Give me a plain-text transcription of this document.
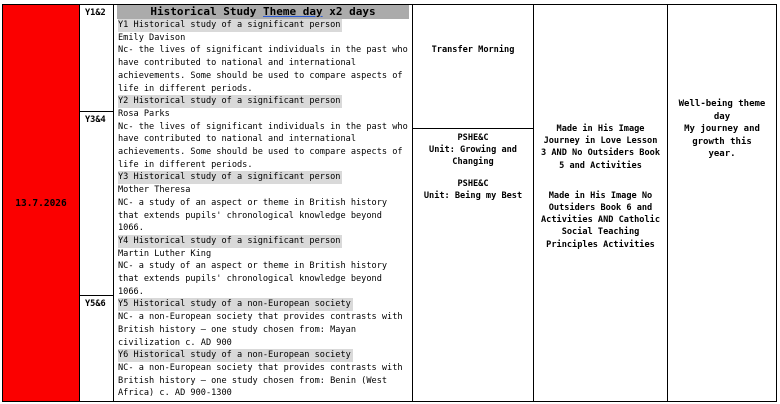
13.7.2026
Y1&2
Y3&4
Y5&6
Historical Study Theme day x2 days
Y1 Historical study of a significant person
Emily Davison
Nc- the lives of significant individuals in the past who have contributed to national and international achievements. Some should be used to compare aspects of life in different periods.
Y2 Historical study of a significant person
Rosa Parks
Nc- the lives of significant individuals in the past who have contributed to national and international achievements. Some should be used to compare aspects of life in different periods.
Y3 Historical study of a significant person
Mother Theresa
NC- a study of an aspect or theme in British history that extends pupils' chronological knowledge beyond 1066.
Y4 Historical study of a significant person
Martin Luther King
NC- a study of an aspect or theme in British history that extends pupils' chronological knowledge beyond 1066.
Y5 Historical study of a non-European society
NC- a non-European society that provides contrasts with British history – one study chosen from: Mayan civilization c. AD 900
Y6 Historical study of a non-European society
NC- a non-European society that provides contrasts with British history – one study chosen from: Benin (West Africa) c. AD 900-1300
Transfer Morning
PSHE&C
Unit: Growing and Changing
PSHE&C
Unit: Being my Best
Made in His Image Journey in Love Lesson 3 AND No Outsiders Book 5 and Activities
Made in His Image No Outsiders Book 6 and Activities AND Catholic Social Teaching Principles Activities
Well-being theme day
My journey and growth this year.
